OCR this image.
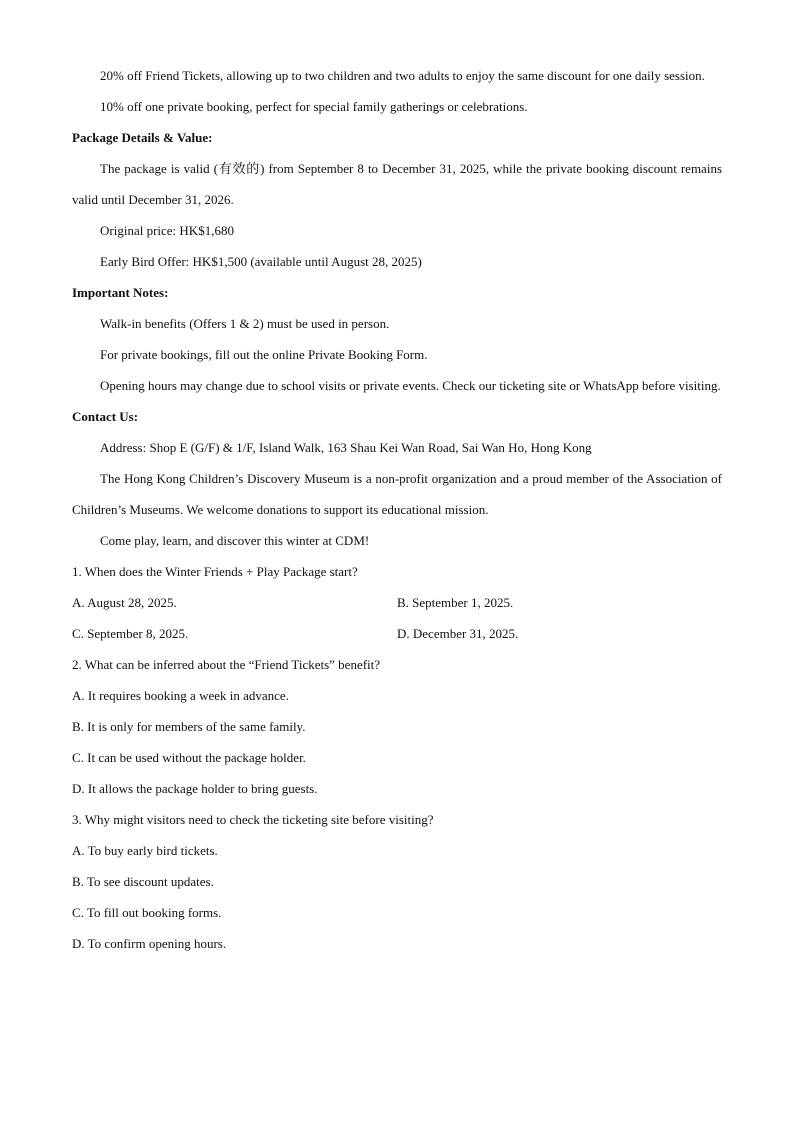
20% off Friend Tickets, allowing up to two children and two adults to enjoy the same discount for one daily session.

10% off one private booking, perfect for special family gatherings or celebrations.

Package Details & Value:

The package is valid (有效的) from September 8 to December 31, 2025, while the private booking discount remains valid until December 31, 2026.

Original price: HK$1,680

Early Bird Offer: HK$1,500 (available until August 28, 2025)

Important Notes:

Walk-in benefits (Offers 1 & 2) must be used in person.

For private bookings, fill out the online Private Booking Form.

Opening hours may change due to school visits or private events. Check our ticketing site or WhatsApp before visiting.

Contact Us:

Address: Shop E (G/F) & 1/F, Island Walk, 163 Shau Kei Wan Road, Sai Wan Ho, Hong Kong

The Hong Kong Children’s Discovery Museum is a non-profit organization and a proud member of the Association of Children’s Museums. We welcome donations to support its educational mission.

Come play, learn, and discover this winter at CDM!

1. When does the Winter Friends + Play Package start?

A. August 28, 2025.	B. September 1, 2025.

C. September 8, 2025.	D. December 31, 2025.

2. What can be inferred about the “Friend Tickets” benefit?

A. It requires booking a week in advance.

B. It is only for members of the same family.

C. It can be used without the package holder.

D. It allows the package holder to bring guests.

3. Why might visitors need to check the ticketing site before visiting?

A. To buy early bird tickets.

B. To see discount updates.

C. To fill out booking forms.

D. To confirm opening hours.
